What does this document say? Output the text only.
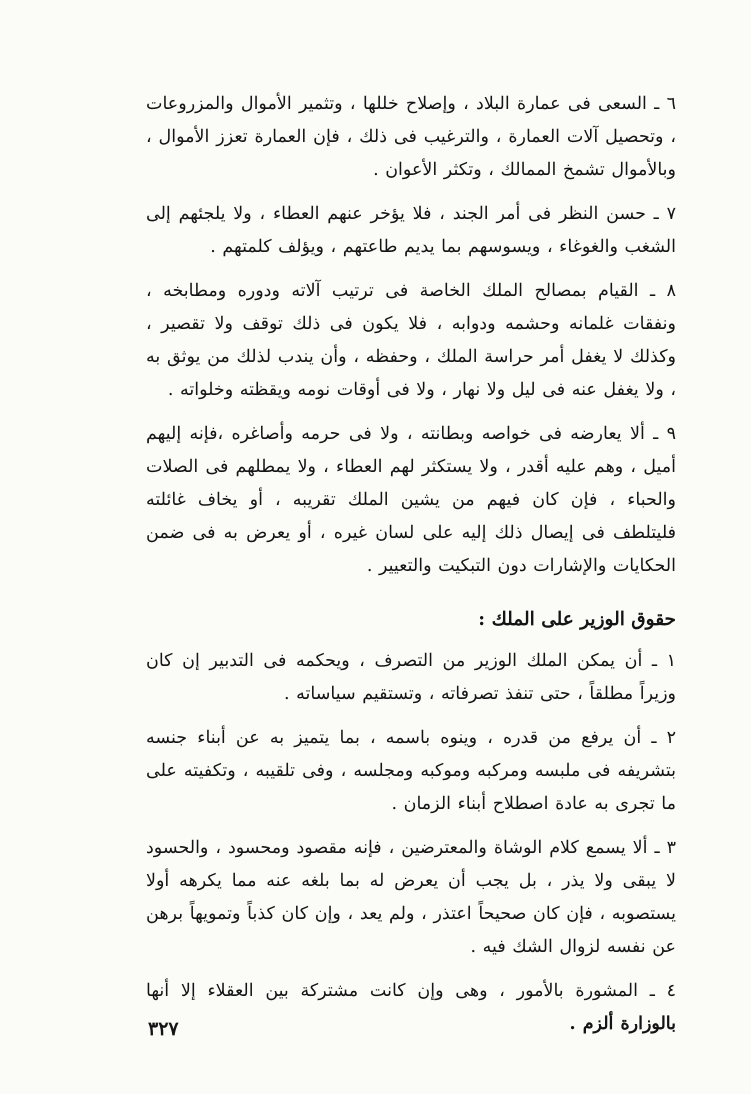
٦ ـ السعى فى عمارة البلاد ، وإصلاح خللها ، وتثمير الأموال والمزروعات ، وتحصيل آلات العمارة ، والترغيب فى ذلك ، فإن العمارة تعزز الأموال ، وبالأموال تشمخ الممالك ، وتكثر الأعوان .

٧ ـ حسن النظر فى أمر الجند ، فلا يؤخر عنهم العطاء ، ولا يلجئهم إلى الشغب والغوغاء ، ويسوسهم بما يديم طاعتهم ، ويؤلف كلمتهم .

٨ ـ القيام بمصالح الملك الخاصة فى ترتيب آلاته ودوره ومطابخه ، ونفقات غلمانه وحشمه ودوابه ، فلا يكون فى ذلك توقف ولا تقصير ، وكذلك لا يغفل أمر حراسة الملك ، وحفظه ، وأن يندب لذلك من يوثق به ، ولا يغفل عنه فى ليل ولا نهار ، ولا فى أوقات نومه ويقظته وخلواته .

٩ ـ ألا يعارضه فى خواصه وبطانته ، ولا فى حرمه وأصاغره ،فإنه إليهم أميل ، وهم عليه أقدر ، ولا يستكثر لهم العطاء ، ولا يمطلهم فى الصلات والحباء ، فإن كان فيهم من يشين الملك تقريبه ، أو يخاف غائلته فليتلطف فى إيصال ذلك إليه على لسان غيره ، أو يعرض به فى ضمن الحكايات والإشارات دون التبكيت والتعيير .

حقوق الوزير على الملك :

١ ـ أن يمكن الملك الوزير من التصرف ، ويحكمه فى التدبير إن كان وزيراً مطلقاً ، حتى تنفذ تصرفاته ، وتستقيم سياساته .

٢ ـ أن يرفع من قدره ، وينوه باسمه ، بما يتميز به عن أبناء جنسه بتشريفه فى ملبسه ومركبه وموكبه ومجلسه ، وفى تلقيبه ، وتكفيته على ما تجرى به عادة اصطلاح أبناء الزمان .

٣ ـ ألا يسمع كلام الوشاة والمعترضين ، فإنه مقصود ومحسود ، والحسود لا يبقى ولا يذر ، بل يجب أن يعرض له بما بلغه عنه مما يكرهه أولا يستصوبه ، فإن كان صحيحاً اعتذر ، ولم يعد ، وإن كان كذباً وتمويهاً برهن عن نفسه لزوال الشك فيه .

٤ ـ المشورة بالأمور ، وهى وإن كانت مشتركة بين العقلاء إلا أنها بالوزارة ألزم .

٣٢٧
